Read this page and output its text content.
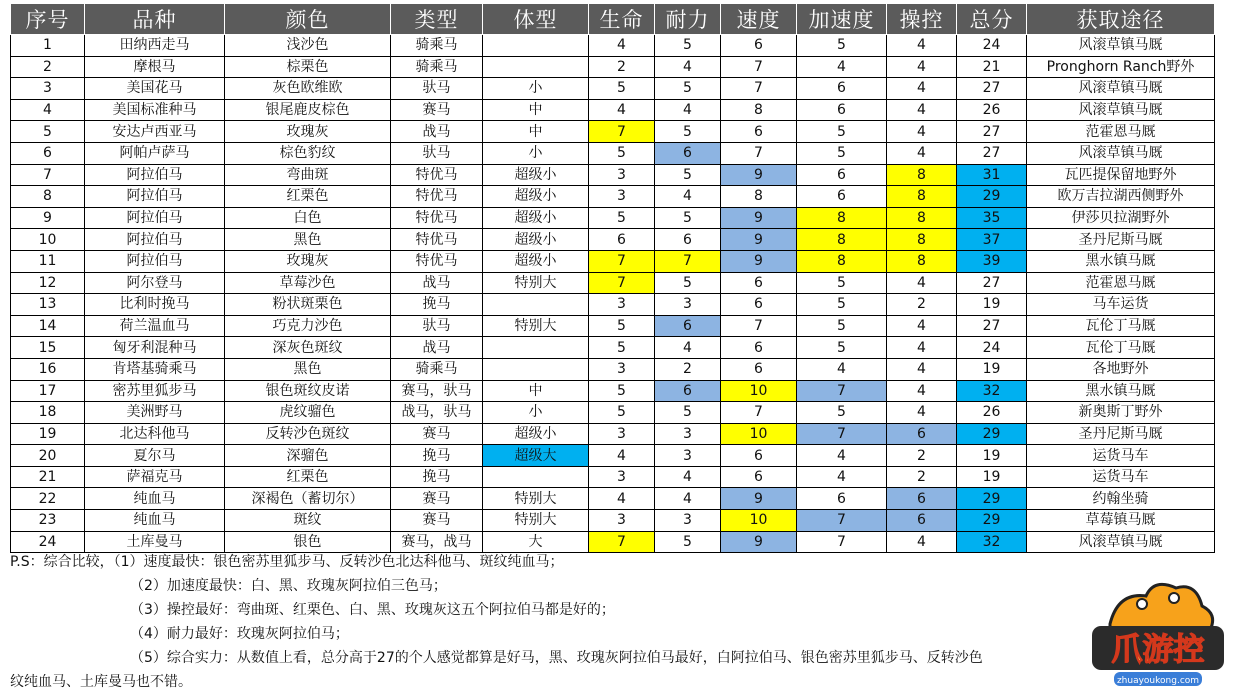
序号	品种	颜色	类型	体型	生命	耐力	速度	加速度	操控	总分	获取途径
1	田纳西走马	浅沙色	骑乘马		4	5	6	5	4	24	风滚草镇马厩
2	摩根马	棕栗色	骑乘马		2	4	7	4	4	21	Pronghorn Ranch野外
3	美国花马	灰色欧维欧	驮马	小	5	5	7	6	4	27	风滚草镇马厩
4	美国标准种马	银尾鹿皮棕色	赛马	中	4	4	8	6	4	26	风滚草镇马厩
5	安达卢西亚马	玫瑰灰	战马	中	7	5	6	5	4	27	范霍恩马厩
6	阿帕卢萨马	棕色豹纹	驮马	小	5	6	7	5	4	27	风滚草镇马厩
7	阿拉伯马	弯曲斑	特优马	超级小	3	5	9	6	8	31	瓦匹提保留地野外
8	阿拉伯马	红栗色	特优马	超级小	3	4	8	6	8	29	欧万吉拉湖西侧野外
9	阿拉伯马	白色	特优马	超级小	5	5	9	8	8	35	伊莎贝拉湖野外
10	阿拉伯马	黑色	特优马	超级小	6	6	9	8	8	37	圣丹尼斯马厩
11	阿拉伯马	玫瑰灰	特优马	超级小	7	7	9	8	8	39	黑水镇马厩
12	阿尔登马	草莓沙色	战马	特别大	7	5	6	5	4	27	范霍恩马厩
13	比利时挽马	粉状斑栗色	挽马		3	3	6	5	2	19	马车运货
14	荷兰温血马	巧克力沙色	驮马	特别大	5	6	7	5	4	27	瓦伦丁马厩
15	匈牙利混种马	深灰色斑纹	战马		5	4	6	5	4	24	瓦伦丁马厩
16	肯塔基骑乘马	黑色	骑乘马		3	2	6	4	4	19	各地野外
17	密苏里狐步马	银色斑纹皮诺	赛马，驮马	中	5	6	10	7	4	32	黑水镇马厩
18	美洲野马	虎纹骝色	战马，驮马	小	5	5	7	5	4	26	新奥斯丁野外
19	北达科他马	反转沙色斑纹	赛马	超级小	3	3	10	7	6	29	圣丹尼斯马厩
20	夏尔马	深骝色	挽马	超级大	4	3	6	4	2	19	运货马车
21	萨福克马	红栗色	挽马		3	4	6	4	2	19	运货马车
22	纯血马	深褐色（蓄切尔）	赛马	特别大	4	4	9	6	6	29	约翰坐骑
23	纯血马	斑纹	赛马	特别大	3	3	10	7	6	29	草莓镇马厩
24	土库曼马	银色	赛马，战马	大	7	5	9	7	4	32	风滚草镇马厩
P.S：综合比较，（1）速度最快：银色密苏里狐步马、反转沙色北达科他马、斑纹纯血马；
（2）加速度最快：白、黑、玫瑰灰阿拉伯三色马；
（3）操控最好：弯曲斑、红栗色、白、黑、玫瑰灰这五个阿拉伯马都是好的；
（4）耐力最好：玫瑰灰阿拉伯马；
（5）综合实力：从数值上看，总分高于27的个人感觉都算是好马，黑、玫瑰灰阿拉伯马最好，白阿拉伯马、银色密苏里狐步马、反转沙色
纹纯血马、土库曼马也不错。
爪游控
zhuayoukong.com
